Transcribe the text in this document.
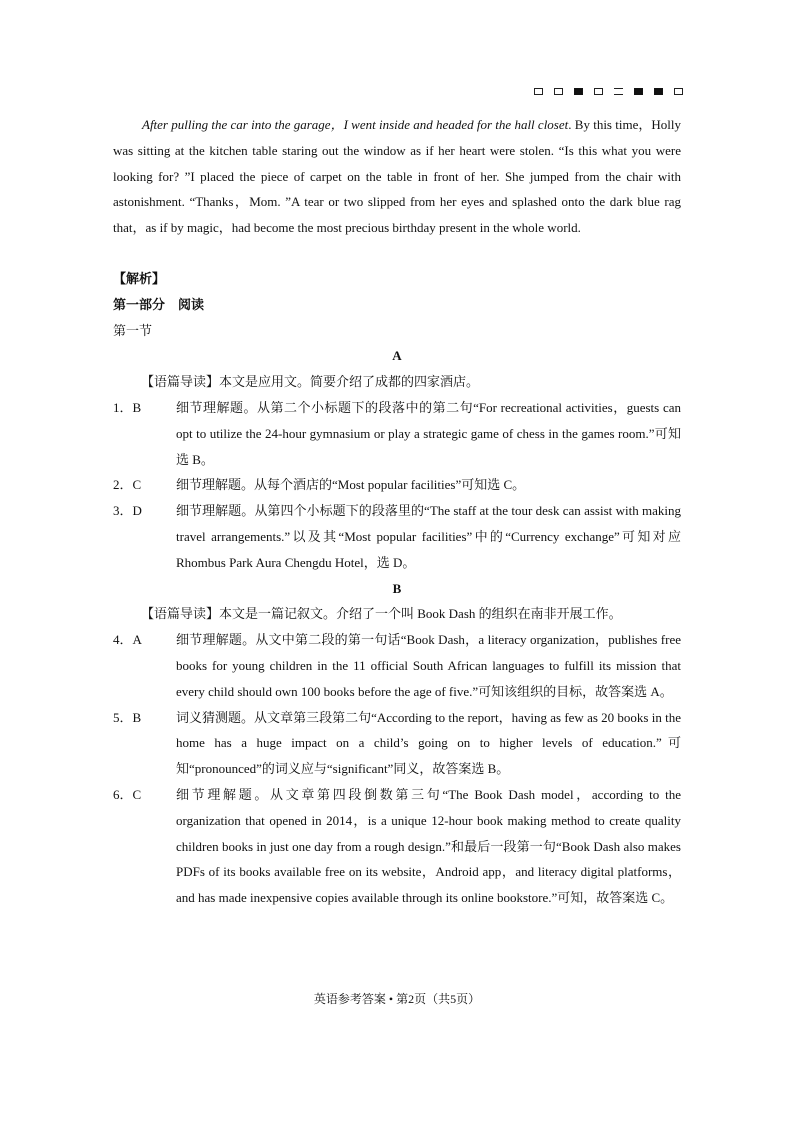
After pulling the car into the garage，I went inside and headed for the hall closet. By this time，Holly was sitting at the kitchen table staring out the window as if her heart were stolen. “Is this what you were looking for? ”I placed the piece of carpet on the table in front of her. She jumped from the chair with astonishment. “Thanks，Mom. ”A tear or two slipped from her eyes and splashed onto the dark blue rag that，as if by magic，had become the most precious birthday present in the whole world.

【解析】

第一部分　阅读

第一节

A

【语篇导读】本文是应用文。简要介绍了成都的四家酒店。

1．B	细节理解题。从第二个小标题下的段落中的第二句“For recreational activities，guests can opt to utilize the 24-hour gymnasium or play a strategic game of chess in the games room.”可知选 B。
2．C	细节理解题。从每个酒店的“Most popular facilities”可知选 C。
3．D	细节理解题。从第四个小标题下的段落里的“The staff at the tour desk can assist with making travel arrangements.”以及其“Most popular facilities”中的“Currency exchange”可知对应 Rhombus Park Aura Chengdu Hotel，选 D。

B

【语篇导读】本文是一篇记叙文。介绍了一个叫 Book Dash 的组织在南非开展工作。

4．A	细节理解题。从文中第二段的第一句话“Book Dash，a literacy organization，publishes free books for young children in the 11 official South African languages to fulfill its mission that every child should own 100 books before the age of five.”可知该组织的目标，故答案选 A。
5．B	词义猜测题。从文章第三段第二句“According to the report，having as few as 20 books in the home has a huge impact on a child’s going on to higher levels of education.”可知“pronounced”的词义应与“significant”同义，故答案选 B。
6．C	细节理解题。从文章第四段倒数第三句“The Book Dash model，according to the organization that opened in 2014，is a unique 12-hour book making method to create quality children books in just one day from a rough design.”和最后一段第一句“Book Dash also makes PDFs of its books available free on its website，Android app，and literacy digital platforms，and has made inexpensive copies available through its online bookstore.”可知，故答案选 C。
英语参考答案 • 第2页（共5页）
